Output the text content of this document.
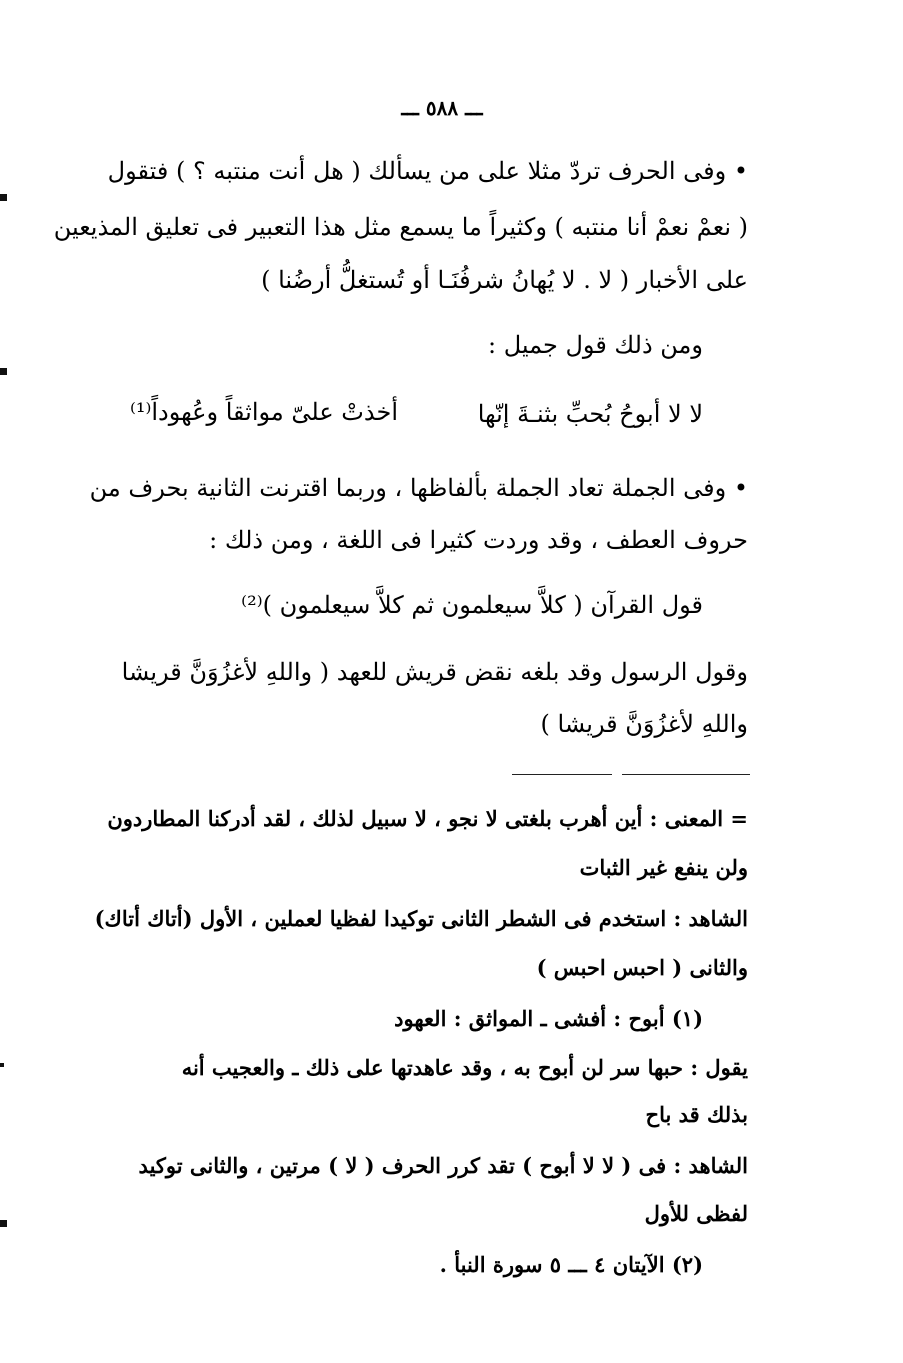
ـــ ٥٨٨ ـــ
• وفى الحرف تردّ مثلا على من يسألك ( هل أنت منتبه ؟ ) فتقول
( نعمْ نعمْ أنا منتبه ) وكثيراً ما يسمع مثل هذا التعبير فى تعليق المذيعين
على الأخبار ( لا . لا يُهانُ شرفُنَـا أو تُستغلُّ أرضُنا )
ومن ذلك قول جميل :
لا لا أبوحُ بُحبِّ بثنـةَ إنّها
أخذتْ علىّ مواثقاً وعُهوداً⁽¹⁾
• وفى الجملة تعاد الجملة بألفاظها ، وربما اقترنت الثانية بحرف من
حروف العطف ، وقد وردت كثيرا فى اللغة ، ومن ذلك :
قول القرآن ( كلاَّ سيعلمون ثم كلاَّ سيعلمون )⁽²⁾
وقول الرسول وقد بلغه نقض قريش للعهد ( واللهِ لأغزُوَنَّ قريشا
واللهِ لأغزُوَنَّ قريشا )
= المعنى : أين أهرب بلغتى لا نجو ، لا سبيل لذلك ، لقد أدركنا المطاردون
ولن ينفع غير الثبات
الشاهد : استخدم فى الشطر الثانى توكيدا لفظيا لعملين ، الأول (أتاك أتاك)
والثانى ( احبس احبس )
(١) أبوح : أفشى ـ المواثق : العهود
يقول : حبها سر لن أبوح به ، وقد عاهدتها على ذلك ـ والعجيب أنه
بذلك قد باح
الشاهد : فى ( لا لا أبوح ) تقد كرر الحرف ( لا ) مرتين ، والثانى توكيد
لفظى للأول
(٢) الآيتان ٤ ـــ ٥ سورة النبأ .
